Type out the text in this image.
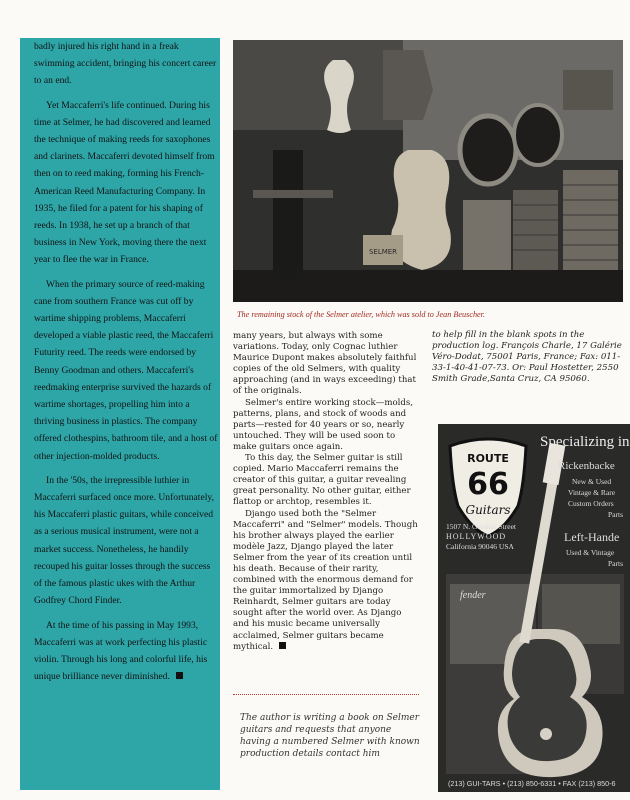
badly injured his right hand in a freak swimming accident, bringing his concert career to an end.

Yet Maccaferri's life continued. During his time at Selmer, he had discovered and learned the technique of making reeds for saxophones and clarinets. Maccaferri devoted himself from then on to reed making, forming his French-American Reed Manufacturing Company. In 1935, he filed for a patent for his shaping of reeds. In 1938, he set up a branch of that business in New York, moving there the next year to flee the war in France.

When the primary source of reed-making cane from southern France was cut off by wartime shipping problems, Maccaferri developed a viable plastic reed, the Maccaferri Futurity reed. The reeds were endorsed by Benny Goodman and others. Maccaferri's reedmaking enterprise survived the hazards of wartime shortages, propelling him into a thriving business in plastics. The company offered clothespins, bathroom tile, and a host of other injection-molded products.

In the '50s, the irrepressible luthier in Maccaferri surfaced once more. Unfortunately, his Maccaferri plastic guitars, while conceived as a serious musical instrument, were not a market success. Nonetheless, he handily recouped his guitar losses through the success of the famous plastic ukes with the Arthur Godfrey Chord Finder.

At the time of his passing in May 1993, Maccaferri was at work perfecting his plastic violin. Through his long and colorful life, his unique brilliance never diminished.

SELMER
The remaining stock of the Selmer atelier, which was sold to Jean Beuscher.

many years, but always with some variations. Today, only Cognac luthier Maurice Dupont makes absolutely faithful copies of the old Selmers, with quality approaching (and in ways exceeding) that of the originals.

Selmer's entire working stock—molds, patterns, plans, and stock of woods and parts—rested for 40 years or so, nearly untouched. They will be used soon to make guitars once again.

To this day, the Selmer guitar is still copied. Mario Maccaferri remains the creator of this guitar, a guitar revealing great personality. No other guitar, either flattop or archtop, resembles it.

Django used both the "Selmer Maccaferri" and "Selmer" models. Though his brother always played the earlier modèle Jazz, Django played the later Selmer from the year of its creation until his death. Because of their rarity, combined with the enormous demand for the guitar immortalized by Django Reinhardt, Selmer guitars are today sought after the world over. As Django and his music became universally acclaimed, Selmer guitars became mythical.

to help fill in the blank spots in the production log. François Charle, 17 Galérie Véro-Dodat, 75001 Paris, France; Fax: 011-33-1-40-41-07-73. Or: Paul Hostetter, 2550 Smith Grade,Santa Cruz, CA 95060.

The author is writing a book on Selmer guitars and requests that anyone having a numbered Selmer with known production details contact him
ROUTE
66
Guitars
Specializing in
Rickenbacke
New & Used
Vintage & Rare
Custom Orders
Parts
1507 N. Gardner Street
HOLLYWOOD
California 90046 USA
Left-Hande
Used & Vintage
Parts
fender
(213) GUI-TARS • (213) 850-6331 • FAX (213) 850-6
